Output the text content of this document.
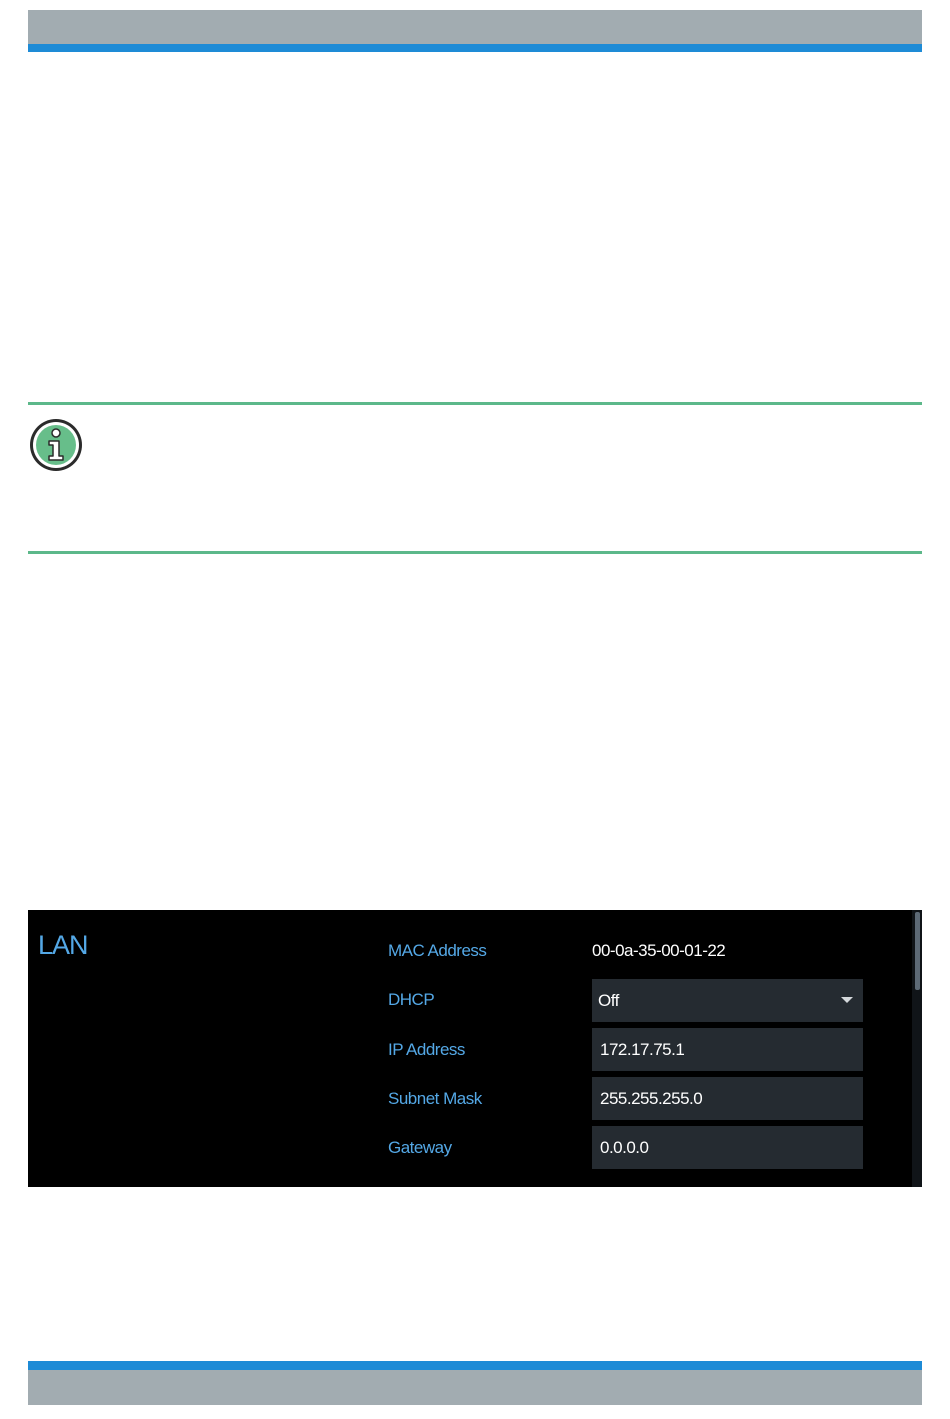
LAN	MAC Address	00-0a-35-00-01-22
DHCP	Off
IP Address	172.17.75.1
Subnet Mask	255.255.255.0
Gateway	0.0.0.0
